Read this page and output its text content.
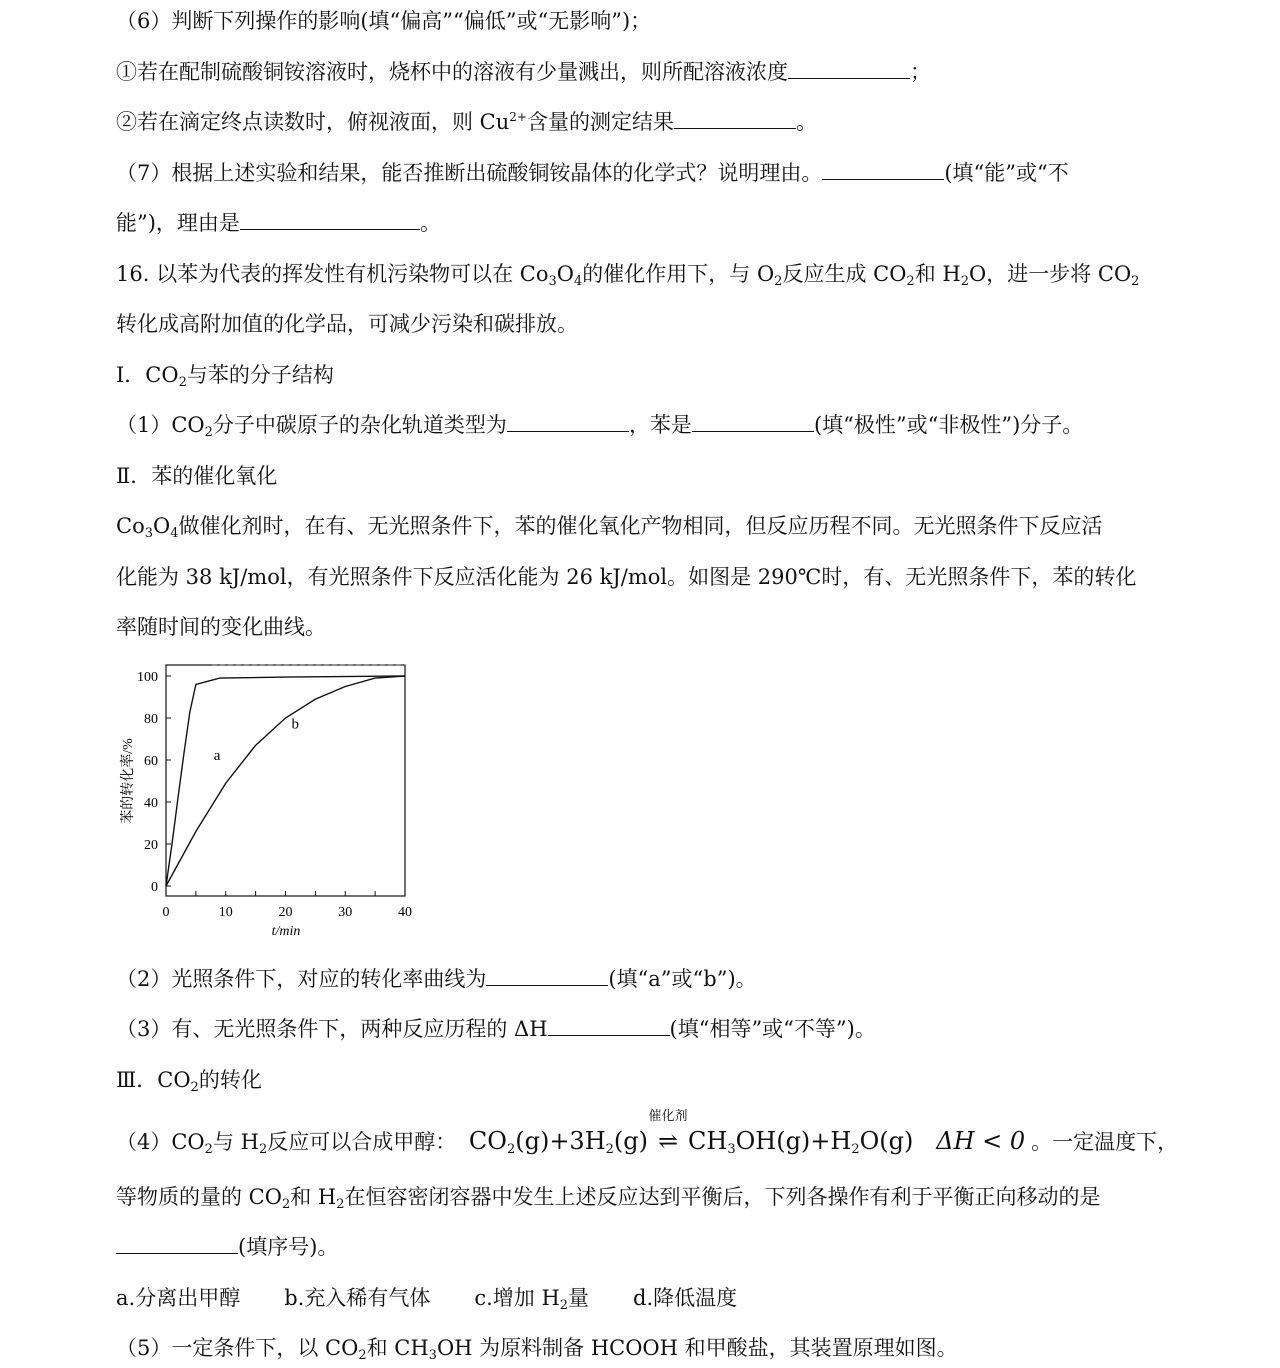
（6）判断下列操作的影响(填“偏高”“偏低”或“无影响”)；
①若在配制硫酸铜铵溶液时，烧杯中的溶液有少量溅出，则所配溶液浓度	；
②若在滴定终点读数时，俯视液面，则 $Cu^{2+}$含量的测定结果	。
（7）根据上述实验和结果，能否推断出硫酸铜铵晶体的化学式？说明理由。	(填“能”或“不
能”)，理由是	。
16. 以苯为代表的挥发性有机污染物可以在 $Co_3O_4$的催化作用下，与 $O_2$反应生成 $CO_2$和 $H_2O$，进一步将 $CO_2$
转化成高附加值的化学品，可减少污染和碳排放。
Ⅰ．$CO_2$与苯的分子结构
$(1)CO_2$分子中碳原子的杂化轨道类型为	，苯是	(填“极性”或“非极性”)分子。
Ⅱ．苯的催化氧化
$Co_3O_4$做催化剂时，在有、无光照条件下，苯的催化氧化产物相同，但反应历程不同。无光照条件下反应活
化能为 38 kJ/mol，有光照条件下反应活化能为 26 kJ/mol。如图是 290℃时，有、无光照条件下，苯的转化
率随时间的变化曲线。
0
20
40
60
80
100
0	10	20	30	40
苯的转化率/%
t/min
a
b
（2）光照条件下，对应的转化率曲线为	(填“a”或“b”)。
（3）有、无光照条件下，两种反应历程的 ΔH	(填“相等”或“不等”)。
Ⅲ．$CO_2$的转化
$(4)CO_2$与 $H_2$反应可以合成甲醇： $CO_2(g)+3H_2(g)$
催化剂
⇌ $CH_3OH(g)+H_2O(g) \Delta H < 0$ 。一定温度下，
等物质的量的 $CO_2$和 $H_2$在恒容密闭容器中发生上述反应达到平衡后，下列各操作有利于平衡正向移动的是
(填序号)。
a.分离出甲醇 b.充入稀有气体 c.增加 $H_2$量 d.降低温度
（5）一定条件下，以 $CO_2$和 $CH_3OH$ 为原料制备 HCOOH 和甲酸盐，其装置原理如图。
